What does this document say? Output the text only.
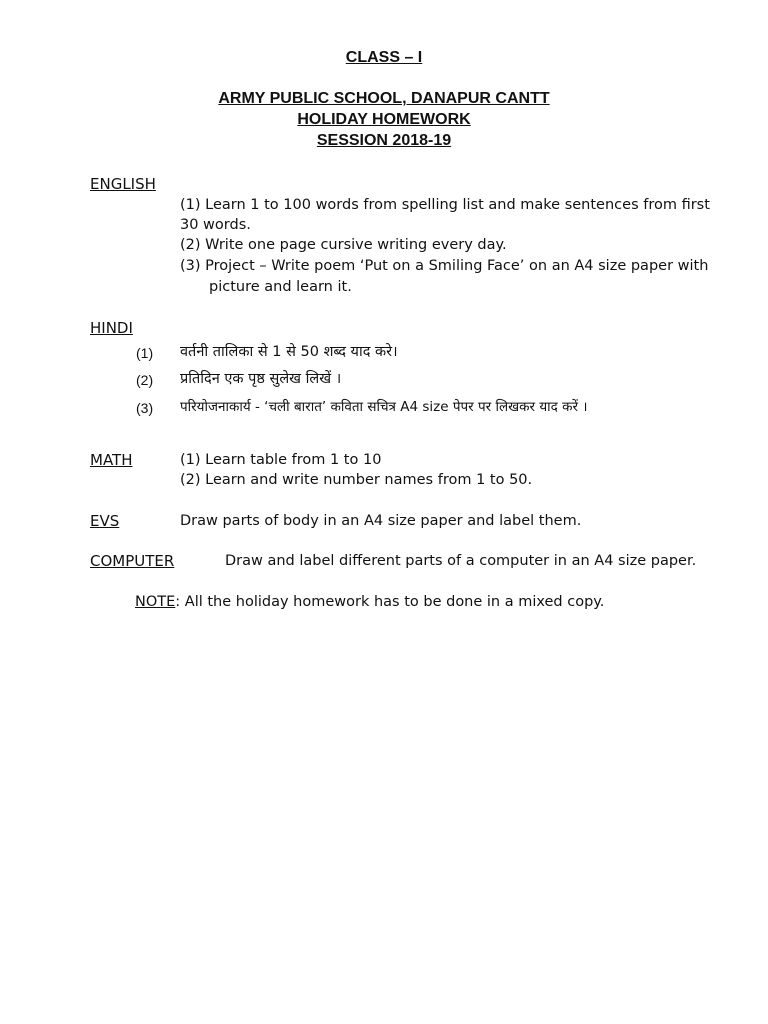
CLASS – I
ARMY PUBLIC SCHOOL, DANAPUR CANTT
HOLIDAY HOMEWORK
SESSION 2018-19
ENGLISH
(1) Learn 1 to 100 words from spelling list and make sentences from first
30 words.
(2) Write one page cursive writing every day.
(3) Project – Write poem ‘Put on a Smiling Face’ on an A4 size paper with
picture and learn it.
HINDI
(1) वर्तनी तालिका से 1 से 50 शब्द याद करे।
(2) प्रतिदिन एक पृष्ठ सुलेख लिखें ।
(3) परियोजनाकार्य - ‘चली बारात’ कविता सचित्र A4 size पेपर पर लिखकर याद करें ।
MATH	(1) Learn table from 1 to 10
(2) Learn and write number names from 1 to 50.
EVS	Draw parts of body in an A4 size paper and label them.
COMPUTER	Draw and label different parts of a computer in an A4 size paper.
NOTE: All the holiday homework has to be done in a mixed copy.
